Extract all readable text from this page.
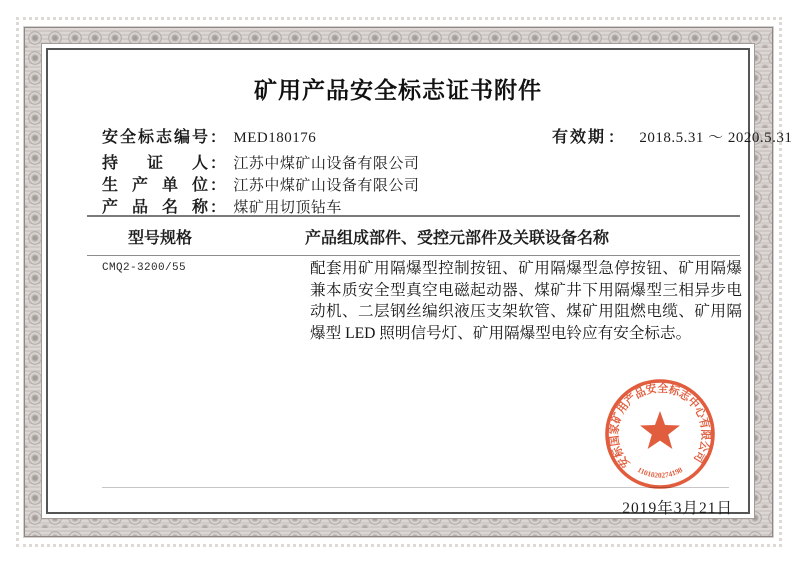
矿用产品安全标志证书附件
安全标志编号 ： MED180176	有效期 ： 2018.5.31 ～ 2020.5.31
持证人 ： 江苏中煤矿山设备有限公司
生产单位 ： 江苏中煤矿山设备有限公司
产品名称 ： 煤矿用切顶钻车
型号规格	产品组成部件、受控元部件及关联设备名称
CMQ2-3200/55	配套用矿用隔爆型控制按钮、矿用隔爆型急停按钮、矿用隔爆兼本质安全型真空电磁起动器、煤矿井下用隔爆型三相异步电动机、二层钢丝编织液压支架软管、煤矿用阻燃电缆、矿用隔爆型 LED 照明信号灯、矿用隔爆型电铃应有安全标志。
2019年3月21日
安标国家矿用产品安全标志中心有限公司
1101020274198
